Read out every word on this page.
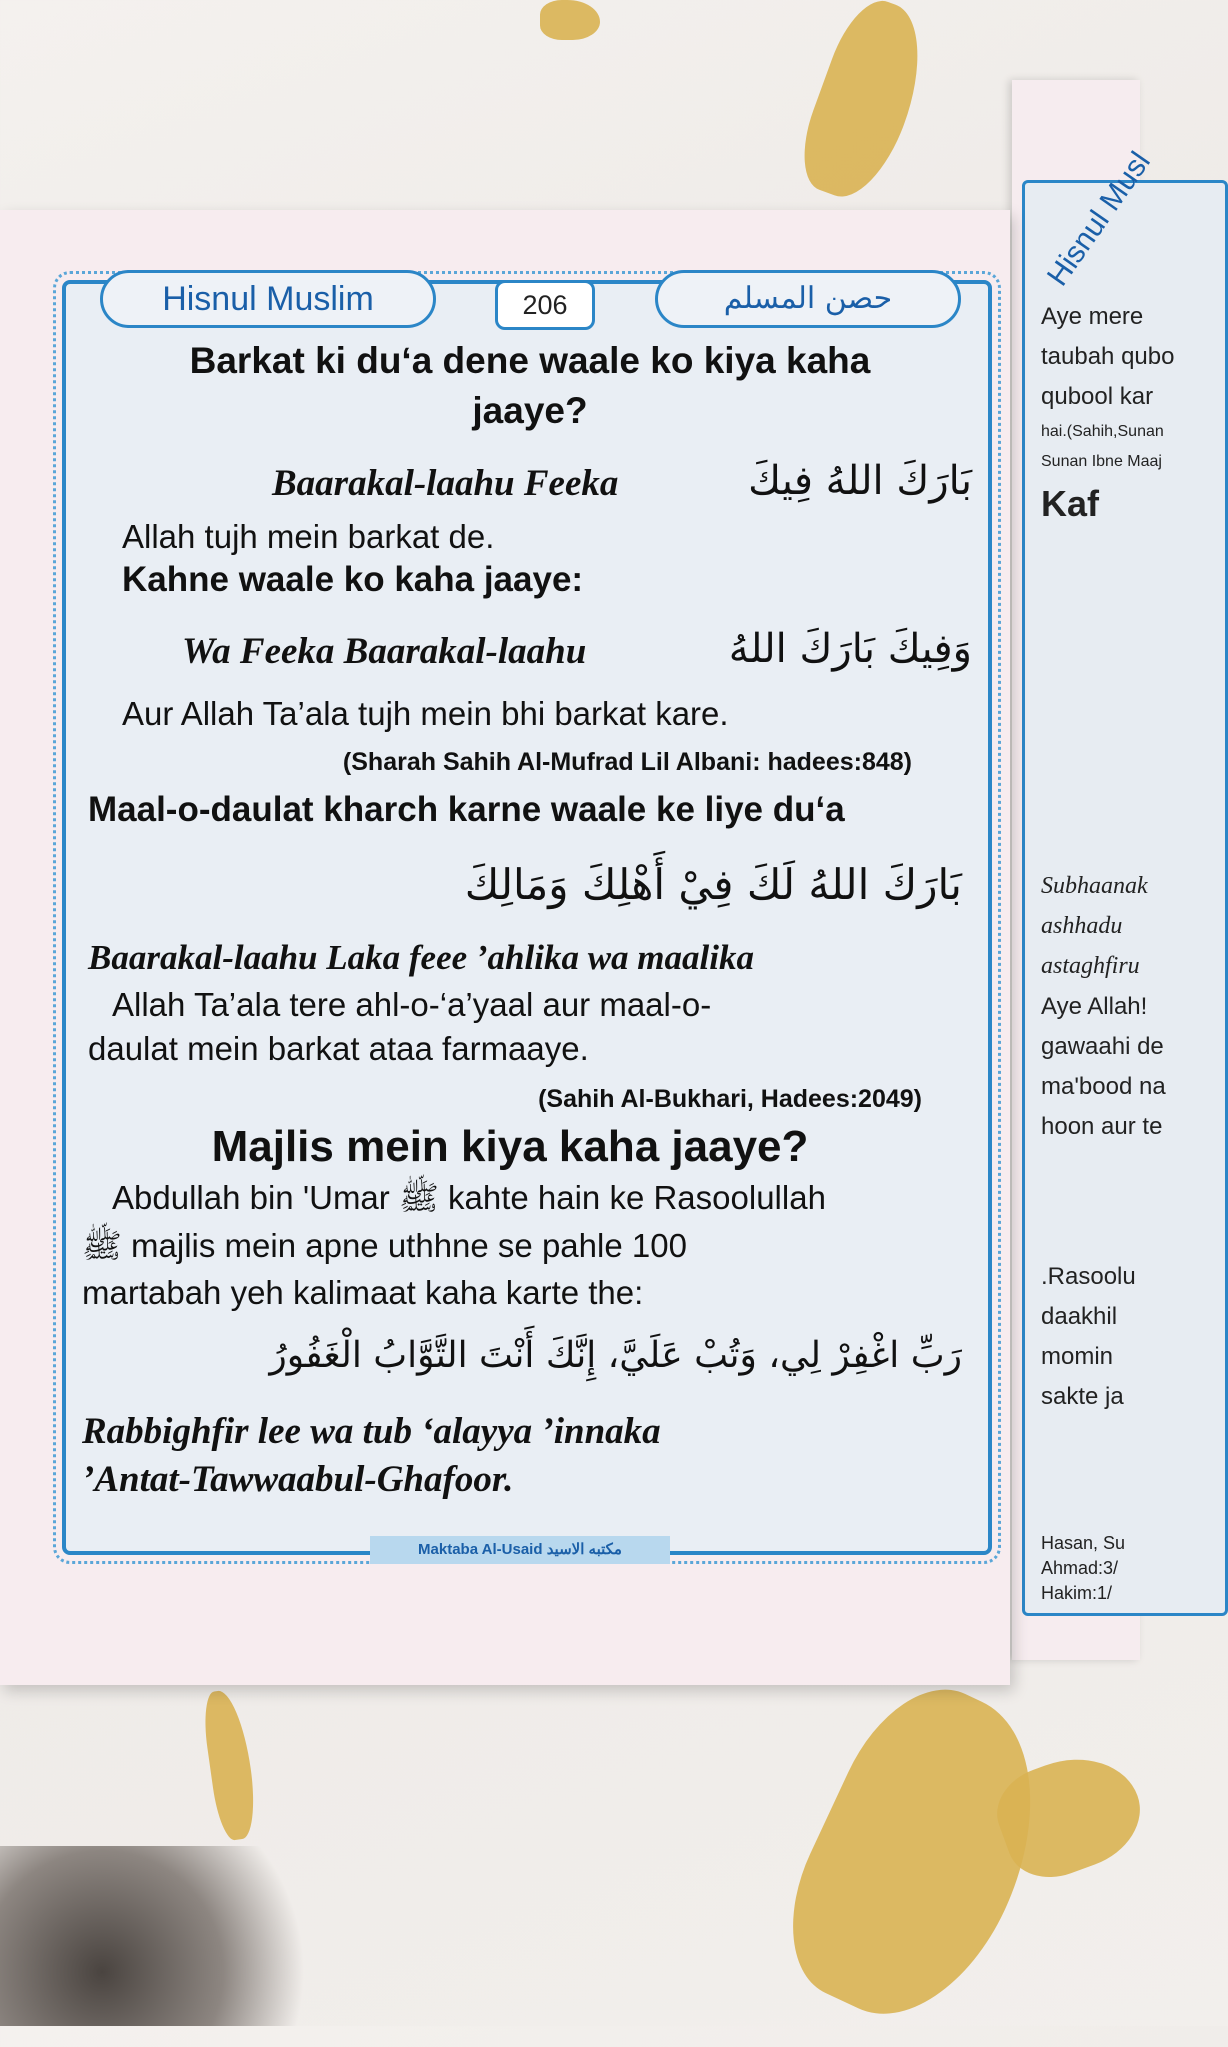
Hisnul Musl
Aye mere
taubah qubo
qubool kar
hai.(Sahih,Sunan
Sunan Ibne Maaj
Kaf
Subhaanak
ashhadu
astaghfiru
Aye Allah!
gawaahi de
ma'bood na
hoon aur te
.Rasoolu
daakhil
momin
sakte ja
Hasan, Su
Ahmad:3/
Hakim:1/
Hisnul Muslim	206	حصن المسلم
Barkat ki du‘a dene waale ko kiya kaha
jaaye?
Baarakal-laahu Feeka	بَارَكَ اللهُ فِيكَ
Allah tujh mein barkat de.
Kahne waale ko kaha jaaye:
Wa Feeka Baarakal-laahu	وَفِيكَ بَارَكَ اللهُ
Aur Allah Ta’ala tujh mein bhi barkat kare.
(Sharah Sahih Al-Mufrad Lil Albani: hadees:848)
Maal-o-daulat kharch karne waale ke liye du‘a
بَارَكَ اللهُ لَكَ فِيْ أَهْلِكَ وَمَالِكَ
Baarakal-laahu Laka feee ’ahlika wa maalika
Allah Ta’ala tere ahl-o-‘a’yaal aur maal-o-
daulat mein barkat ataa farmaaye.
(Sahih Al-Bukhari, Hadees:2049)
Majlis mein kiya kaha jaaye?
Abdullah bin 'Umar ﷺ kahte hain ke Rasoolullah
ﷺ majlis mein apne uthhne se pahle 100
martabah yeh kalimaat kaha karte the:
رَبِّ اغْفِرْ لِي، وَتُبْ عَلَيَّ، إِنَّكَ أَنْتَ التَّوَّابُ الْغَفُورُ
Rabbighfir lee wa tub ‘alayya ’innaka
’Antat-Tawwaabul-Ghafoor.
Maktaba Al-Usaid مكتبه الاسيد
